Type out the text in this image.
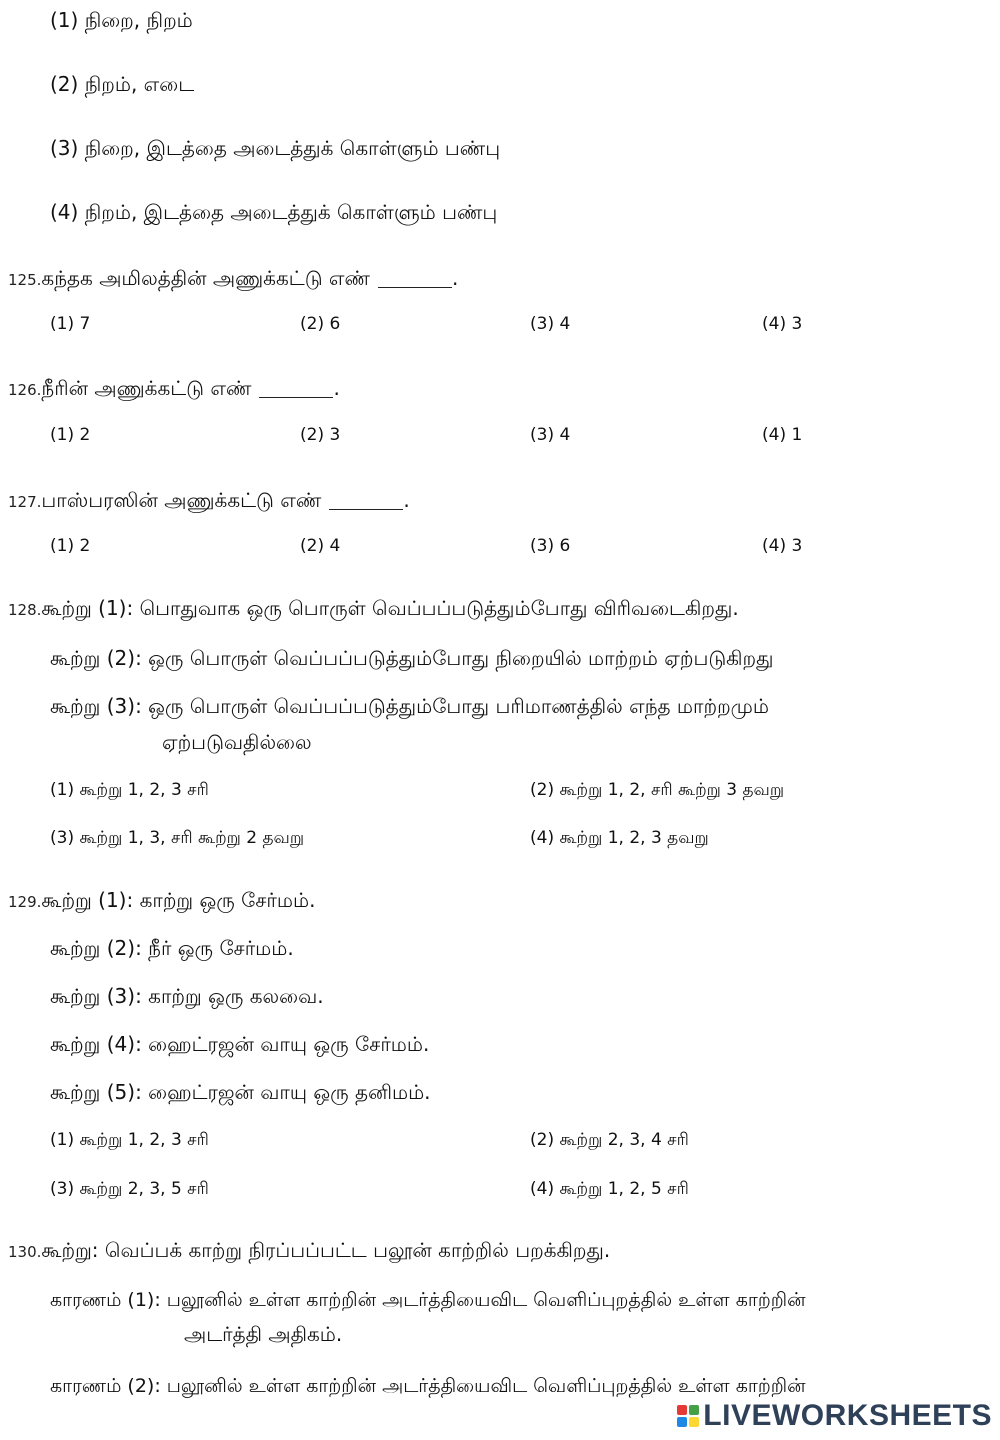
(1) நிறை, நிறம்
(2) நிறம், எடை
(3) நிறை, இடத்தை அடைத்துக் கொள்ளும் பண்பு
(4) நிறம், இடத்தை அடைத்துக் கொள்ளும் பண்பு
125.கந்தக அமிலத்தின் அணுக்கட்டு எண்	.
(1) 7	(2) 6	(3) 4	(4) 3
126.நீரின் அணுக்கட்டு எண்	.
(1) 2	(2) 3	(3) 4	(4) 1
127.பாஸ்பரஸின் அணுக்கட்டு எண்	.
(1) 2	(2) 4	(3) 6	(4) 3
128.கூற்று (1): பொதுவாக ஒரு பொருள் வெப்பப்படுத்தும்போது விரிவடைகிறது.
கூற்று (2): ஒரு பொருள் வெப்பப்படுத்தும்போது நிறையில் மாற்றம் ஏற்படுகிறது
கூற்று (3): ஒரு பொருள் வெப்பப்படுத்தும்போது பரிமாணத்தில் எந்த மாற்றமும்
ஏற்படுவதில்லை
(1) கூற்று 1, 2, 3 சரி	(2) கூற்று 1, 2, சரி கூற்று 3 தவறு
(3) கூற்று 1, 3, சரி கூற்று 2 தவறு	(4) கூற்று 1, 2, 3 தவறு
129.கூற்று (1): காற்று ஒரு சேர்மம்.
கூற்று (2): நீர் ஒரு சேர்மம்.
கூற்று (3): காற்று ஒரு கலவை.
கூற்று (4): ஹைட்ரஜன் வாயு ஒரு சேர்மம்.
கூற்று (5): ஹைட்ரஜன் வாயு ஒரு தனிமம்.
(1) கூற்று 1, 2, 3 சரி	(2) கூற்று 2, 3, 4 சரி
(3) கூற்று 2, 3, 5 சரி	(4) கூற்று 1, 2, 5 சரி
130.கூற்று: வெப்பக் காற்று நிரப்பப்பட்ட பலூன் காற்றில் பறக்கிறது.
காரணம் (1): பலூனில் உள்ள காற்றின் அடர்த்தியைவிட வெளிப்புறத்தில் உள்ள காற்றின்
அடர்த்தி அதிகம்.
காரணம் (2): பலூனில் உள்ள காற்றின் அடர்த்தியைவிட வெளிப்புறத்தில் உள்ள காற்றின்
LIVEWORKSHEETS
